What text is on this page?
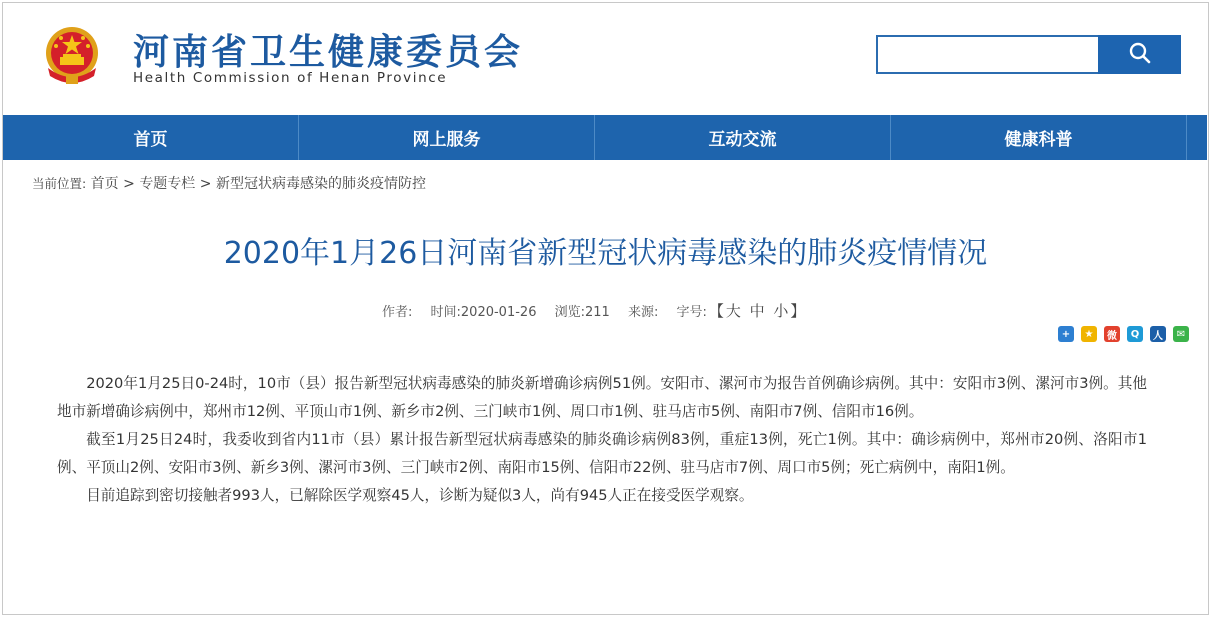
河南省卫生健康委员会
Health Commission of Henan Province
首页	网上服务	互动交流	健康科普
当前位置: 首页 > 专题专栏 > 新型冠状病毒感染的肺炎疫情防控
2020年1月26日河南省新型冠状病毒感染的肺炎疫情情况
作者: 时间:2020-01-26 浏览:211 来源: 字号: 【大 中 小】
+	★	微	Q	人	✉

2020年1月25日0-24时，10市（县）报告新型冠状病毒感染的肺炎新增确诊病例51例。安阳市、漯河市为报告首例确诊病例。其中：安阳市3例、漯河市3例。其他地市新增确诊病例中，郑州市12例、平顶山市1例、新乡市2例、三门峡市1例、周口市1例、驻马店市5例、南阳市7例、信阳市16例。

截至1月25日24时，我委收到省内11市（县）累计报告新型冠状病毒感染的肺炎确诊病例83例，重症13例，死亡1例。其中：确诊病例中，郑州市20例、洛阳市1例、平顶山2例、安阳市3例、新乡3例、漯河市3例、三门峡市2例、南阳市15例、信阳市22例、驻马店市7例、周口市5例；死亡病例中，南阳1例。

目前追踪到密切接触者993人，已解除医学观察45人，诊断为疑似3人，尚有945人正在接受医学观察。
